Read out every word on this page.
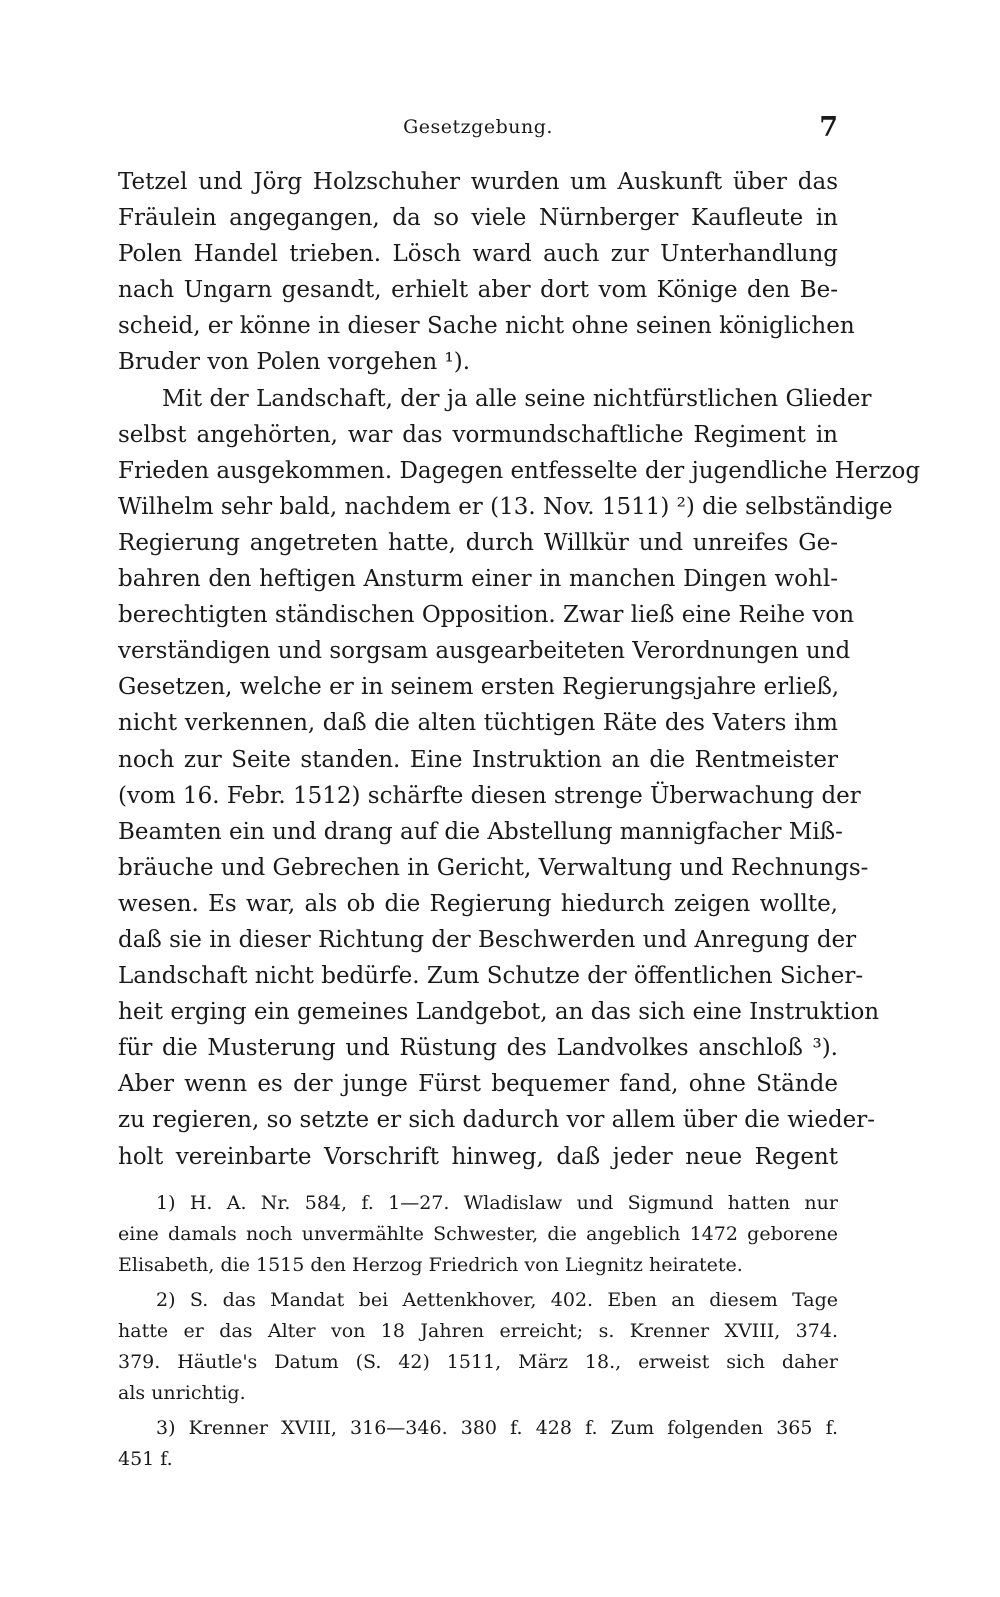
Gesetzgebung.	7
Tetzel und Jörg Holzschuher wurden um Auskunft über das
Fräulein angegangen, da so viele Nürnberger Kaufleute in
Polen Handel trieben. Lösch ward auch zur Unterhandlung
nach Ungarn gesandt, erhielt aber dort vom Könige den Be-
scheid, er könne in dieser Sache nicht ohne seinen königlichen
Bruder von Polen vorgehen ¹).
Mit der Landschaft, der ja alle seine nichtfürstlichen Glieder
selbst angehörten, war das vormundschaftliche Regiment in
Frieden ausgekommen. Dagegen entfesselte der jugendliche Herzog
Wilhelm sehr bald, nachdem er (13. Nov. 1511) ²) die selbständige
Regierung angetreten hatte, durch Willkür und unreifes Ge-
bahren den heftigen Ansturm einer in manchen Dingen wohl-
berechtigten ständischen Opposition. Zwar ließ eine Reihe von
verständigen und sorgsam ausgearbeiteten Verordnungen und
Gesetzen, welche er in seinem ersten Regierungsjahre erließ,
nicht verkennen, daß die alten tüchtigen Räte des Vaters ihm
noch zur Seite standen. Eine Instruktion an die Rentmeister
(vom 16. Febr. 1512) schärfte diesen strenge Überwachung der
Beamten ein und drang auf die Abstellung mannigfacher Miß-
bräuche und Gebrechen in Gericht, Verwaltung und Rechnungs-
wesen. Es war, als ob die Regierung hiedurch zeigen wollte,
daß sie in dieser Richtung der Beschwerden und Anregung der
Landschaft nicht bedürfe. Zum Schutze der öffentlichen Sicher-
heit erging ein gemeines Landgebot, an das sich eine Instruktion
für die Musterung und Rüstung des Landvolkes anschloß ³).
Aber wenn es der junge Fürst bequemer fand, ohne Stände
zu regieren, so setzte er sich dadurch vor allem über die wieder-
holt vereinbarte Vorschrift hinweg, daß jeder neue Regent
1) H. A. Nr. 584, f. 1—27. Wladislaw und Sigmund hatten nur
eine damals noch unvermählte Schwester, die angeblich 1472 geborene
Elisabeth, die 1515 den Herzog Friedrich von Liegnitz heiratete.
2) S. das Mandat bei Aettenkhover, 402. Eben an diesem Tage
hatte er das Alter von 18 Jahren erreicht; s. Krenner XVIII, 374.
379. Häutle's Datum (S. 42) 1511, März 18., erweist sich daher
als unrichtig.
3) Krenner XVIII, 316—346. 380 f. 428 f. Zum folgenden 365 f.
451 f.
